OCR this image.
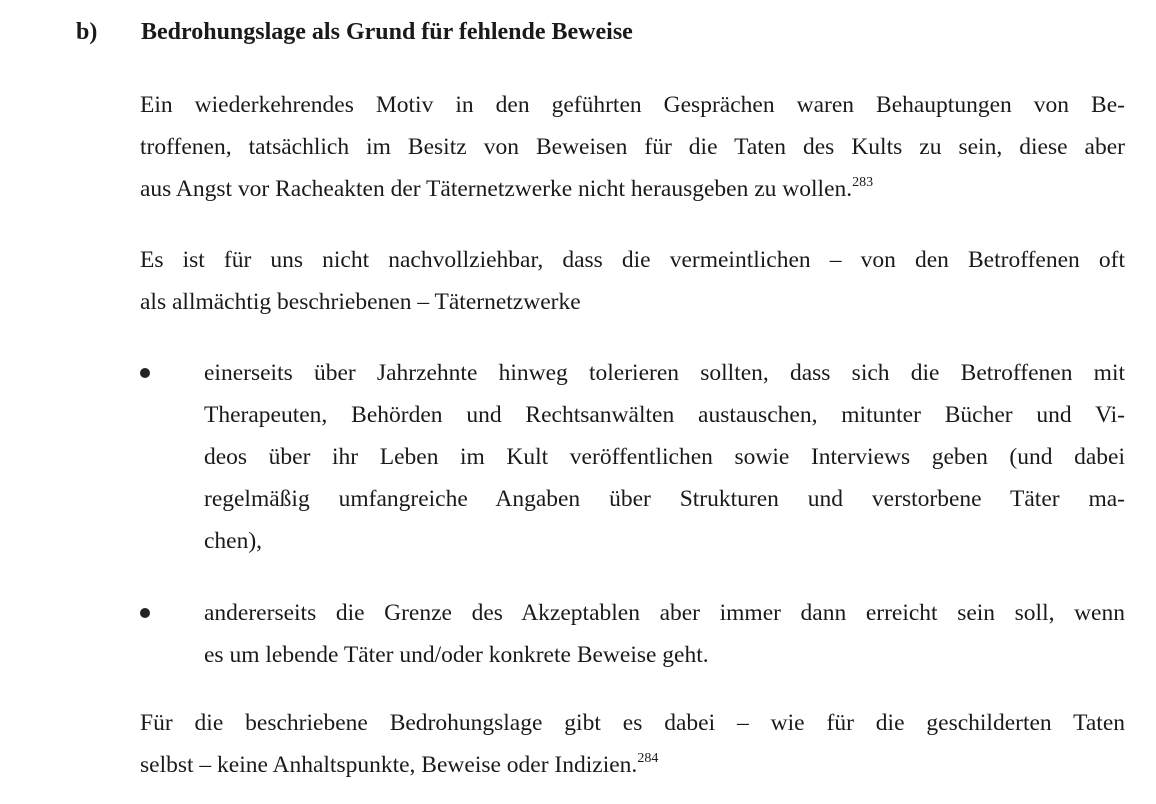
b) Bedrohungslage als Grund für fehlende Beweise
Ein wiederkehrendes Motiv in den geführten Gesprächen waren Behauptungen von Be-
troffenen, tatsächlich im Besitz von Beweisen für die Taten des Kults zu sein, diese aber
aus Angst vor Racheakten der Täternetzwerke nicht herausgeben zu wollen.$^{283}$
Es ist für uns nicht nachvollziehbar, dass die vermeintlichen – von den Betroffenen oft
als allmächtig beschriebenen – Täternetzwerke
einerseits über Jahrzehnte hinweg tolerieren sollten, dass sich die Betroffenen mit
Therapeuten, Behörden und Rechtsanwälten austauschen, mitunter Bücher und Vi-
deos über ihr Leben im Kult veröffentlichen sowie Interviews geben (und dabei
regelmäßig umfangreiche Angaben über Strukturen und verstorbene Täter ma-
chen),
andererseits die Grenze des Akzeptablen aber immer dann erreicht sein soll, wenn
es um lebende Täter und/oder konkrete Beweise geht.
Für die beschriebene Bedrohungslage gibt es dabei – wie für die geschilderten Taten
selbst – keine Anhaltspunkte, Beweise oder Indizien.$^{284}$
